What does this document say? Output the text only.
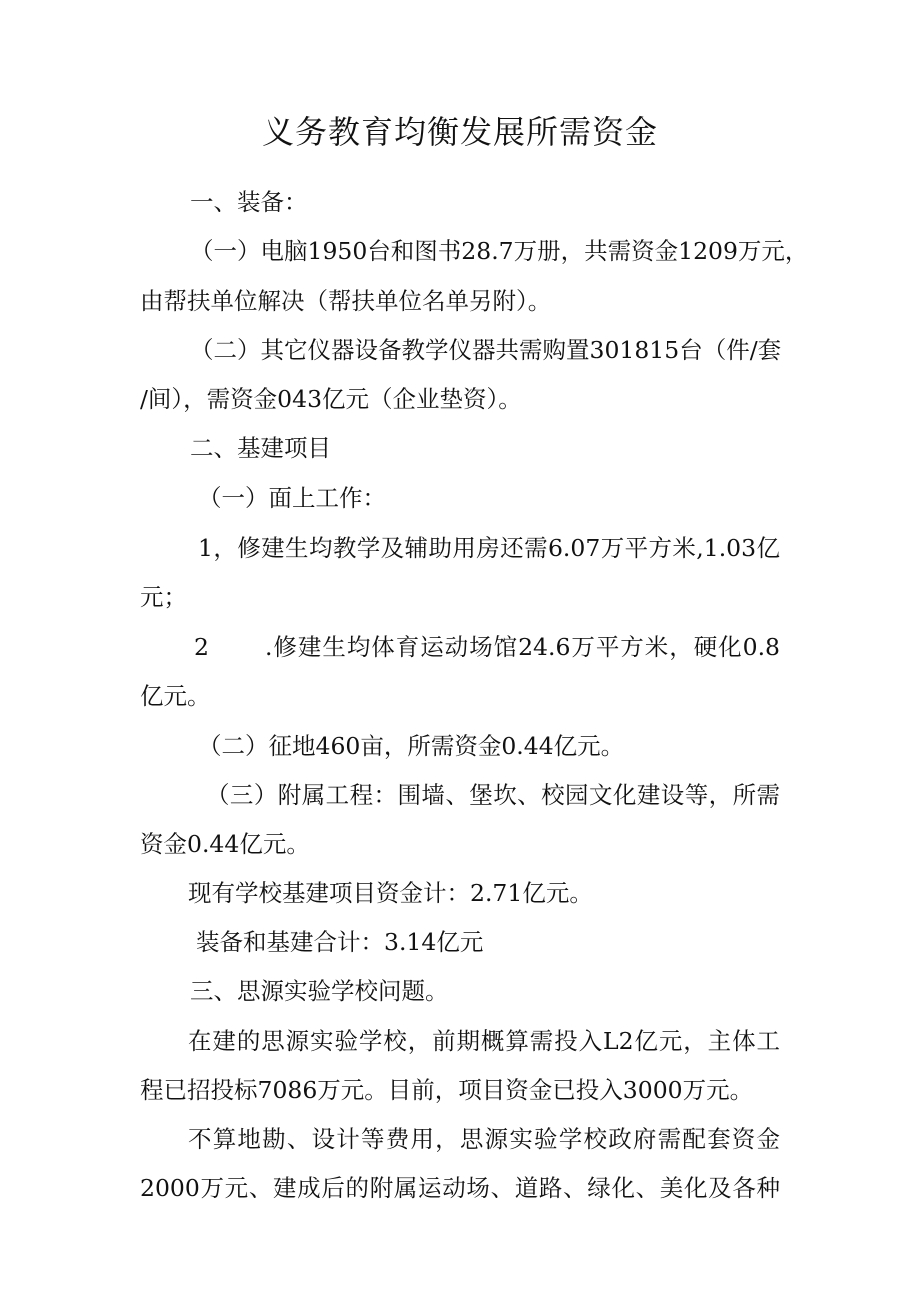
义务教育均衡发展所需资金

一、装备：

（一）电脑1950台和图书28.7万册，共需资金1209万元，

由帮扶单位解决（帮扶单位名单另附）。

（二）其它仪器设备教学仪器共需购置301815台（件/套

/间），需资金043亿元（企业垫资）。

二、基建项目

（一）面上工作：

1，修建生均教学及辅助用房还需6.07万平方米,1.03亿

元；

2 .修建生均体育运动场馆24.6万平方米，硬化0.8

亿元。

（二）征地460亩，所需资金0.44亿元。

（三）附属工程：围墙、堡坎、校园文化建设等，所需

资金0.44亿元。

现有学校基建项目资金计：2.71亿元。

装备和基建合计：3.14亿元

三、思源实验学校问题。

在建的思源实验学校，前期概算需投入L2亿元，主体工

程已招投标7086万元。目前，项目资金已投入3000万元。

不算地勘、设计等费用，思源实验学校政府需配套资金

2000万元、建成后的附属运动场、道路、绿化、美化及各种
